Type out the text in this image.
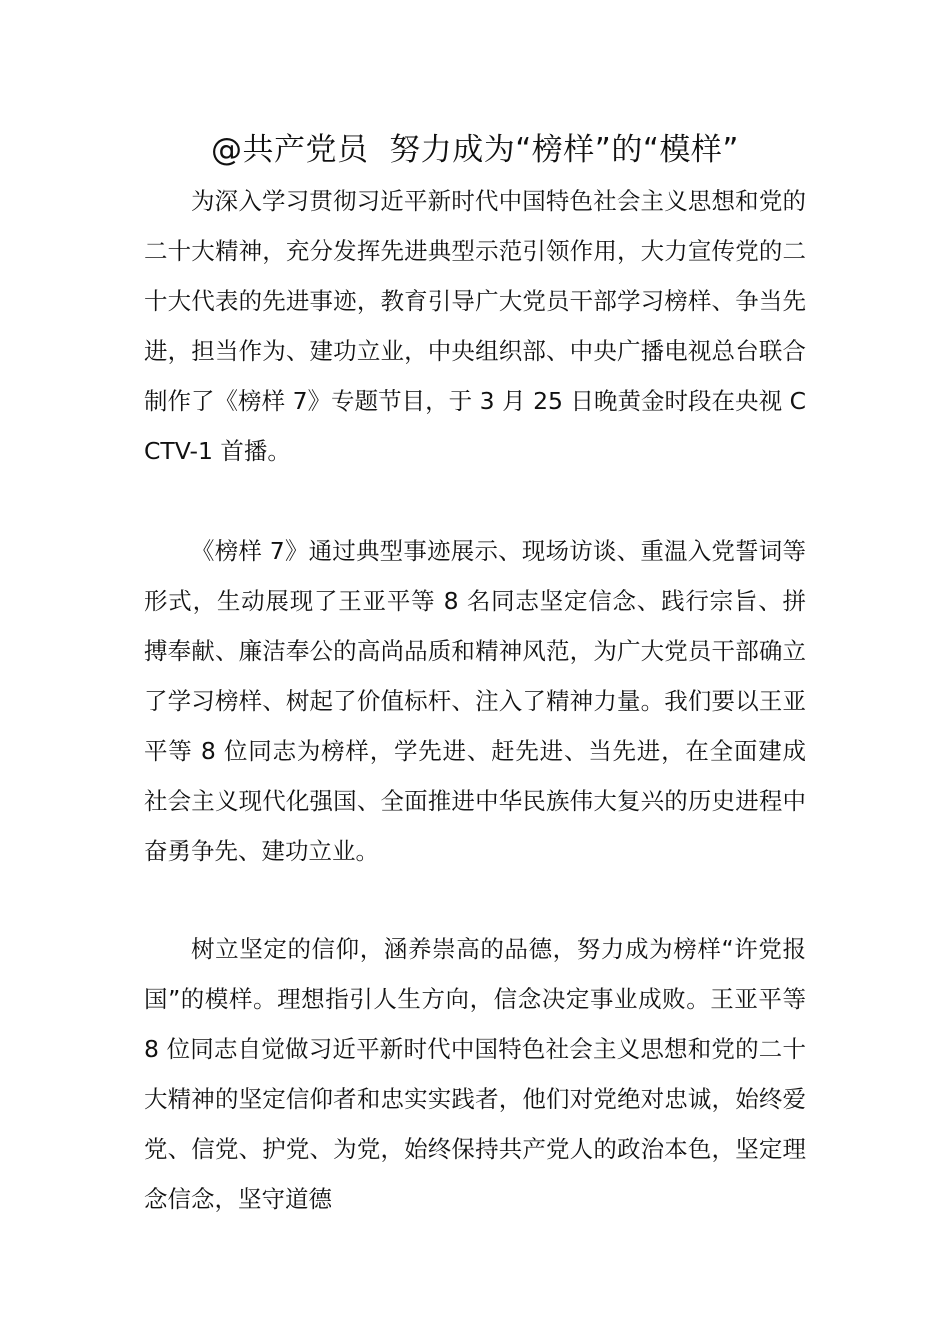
@共产党员  努力成为“榜样”的“模样”

为深入学习贯彻习近平新时代中国特色社会主义思想和党的二十大精神，充分发挥先进典型示范引领作用，大力宣传党的二十大代表的先进事迹，教育引导广大党员干部学习榜样、争当先进，担当作为、建功立业，中央组织部、中央广播电视总台联合制作了《榜样 7》专题节目，于 3 月 25 日晚黄金时段在央视 CCTV-1 首播。

《榜样 7》通过典型事迹展示、现场访谈、重温入党誓词等形式，生动展现了王亚平等 8 名同志坚定信念、践行宗旨、拼搏奉献、廉洁奉公的高尚品质和精神风范，为广大党员干部确立了学习榜样、树起了价值标杆、注入了精神力量。我们要以王亚平等 8 位同志为榜样，学先进、赶先进、当先进，在全面建成社会主义现代化强国、全面推进中华民族伟大复兴的历史进程中奋勇争先、建功立业。

树立坚定的信仰，涵养崇高的品德，努力成为榜样“许党报国”的模样。理想指引人生方向，信念决定事业成败。王亚平等 8 位同志自觉做习近平新时代中国特色社会主义思想和党的二十大精神的坚定信仰者和忠实实践者，他们对党绝对忠诚，始终爱党、信党、护党、为党，始终保持共产党人的政治本色，坚定理念信念，坚守道德
